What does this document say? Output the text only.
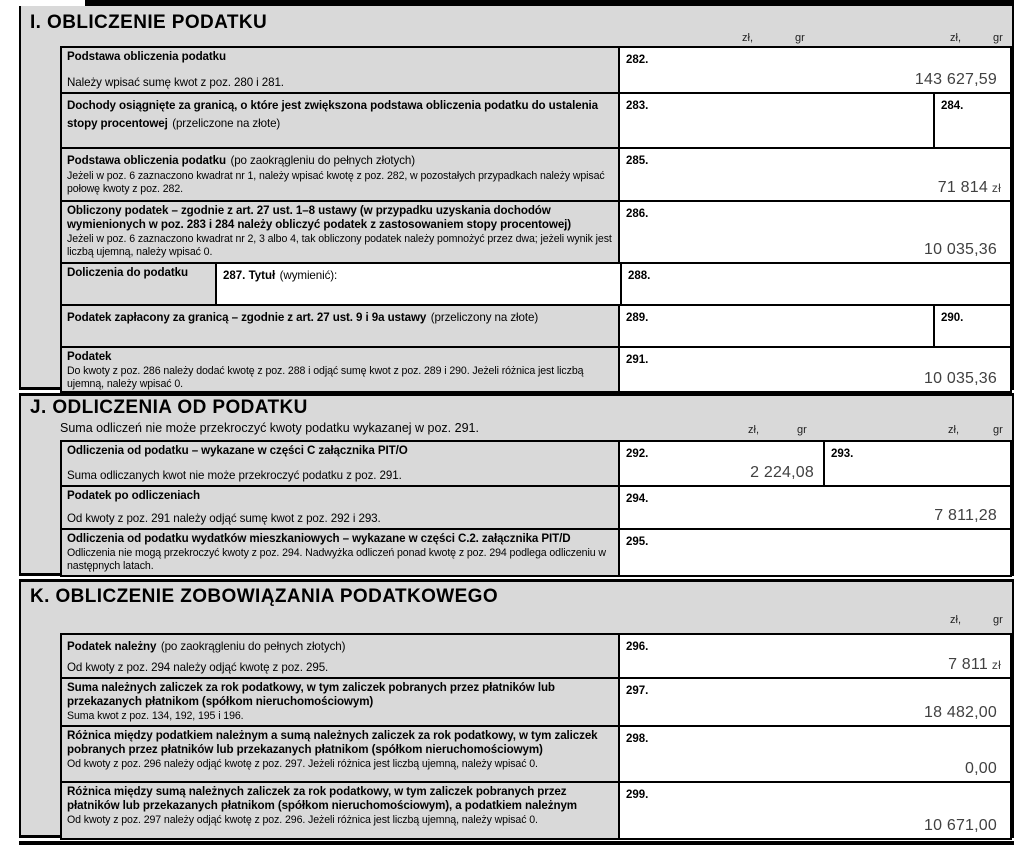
I. OBLICZENIE PODATKU
zł,	gr	zł,	gr
Podstawa obliczenia podatku
Należy wpisać sumę kwot z poz. 280 i 281.
282.
143 627,59
Dochody osiągnięte za granicą, o które jest zwiększona podstawa obliczenia podatku do ustalenia stopy procentowej (przeliczone na złote)
283.	284.
Podstawa obliczenia podatku (po zaokrągleniu do pełnych złotych)
Jeżeli w poz. 6 zaznaczono kwadrat nr 1, należy wpisać kwotę z poz. 282, w pozostałych przypadkach należy wpisać połowę kwoty z poz. 282.
285.
71 814 zł
Obliczony podatek – zgodnie z art. 27 ust. 1–8 ustawy (w przypadku uzyskania dochodów wymienionych w poz. 283 i 284 należy obliczyć podatek z zastosowaniem stopy procentowej)
Jeżeli w poz. 6 zaznaczono kwadrat nr 2, 3 albo 4, tak obliczony podatek należy pomnożyć przez dwa; jeżeli wynik jest liczbą ujemną, należy wpisać 0.
286.
10 035,36
Doliczenia do podatku	287. Tytuł (wymienić):	288.
Podatek zapłacony za granicą – zgodnie z art. 27 ust. 9 i 9a ustawy (przeliczony na złote)	289.	290.
Podatek
Do kwoty z poz. 286 należy dodać kwotę z poz. 288 i odjąć sumę kwot z poz. 289 i 290. Jeżeli różnica jest liczbą ujemną, należy wpisać 0.
291.
10 035,36
J. ODLICZENIA OD PODATKU
Suma odliczeń nie może przekroczyć kwoty podatku wykazanej w poz. 291.	zł,	gr	zł,	gr
Odliczenia od podatku – wykazane w części C załącznika PIT/O
Suma odliczanych kwot nie może przekroczyć podatku z poz. 291.
292.
2 224,08
293.
Podatek po odliczeniach
Od kwoty z poz. 291 należy odjąć sumę kwot z poz. 292 i 293.
294.
7 811,28
Odliczenia od podatku wydatków mieszkaniowych – wykazane w części C.2. załącznika PIT/D
Odliczenia nie mogą przekroczyć kwoty z poz. 294. Nadwyżka odliczeń ponad kwotę z poz. 294 podlega odliczeniu w następnych latach.
295.
K. OBLICZENIE ZOBOWIĄZANIA PODATKOWEGO
zł,	gr
Podatek należny (po zaokrągleniu do pełnych złotych)
Od kwoty z poz. 294 należy odjąć kwotę z poz. 295.
296.
7 811 zł
Suma należnych zaliczek za rok podatkowy, w tym zaliczek pobranych przez płatników lub przekazanych płatnikom (spółkom nieruchomościowym)
Suma kwot z poz. 134, 192, 195 i 196.
297.
18 482,00
Różnica między podatkiem należnym a sumą należnych zaliczek za rok podatkowy, w tym zaliczek pobranych przez płatników lub przekazanych płatnikom (spółkom nieruchomościowym)
Od kwoty z poz. 296 należy odjąć kwotę z poz. 297. Jeżeli różnica jest liczbą ujemną, należy wpisać 0.
298.
0,00
Różnica między sumą należnych zaliczek za rok podatkowy, w tym zaliczek pobranych przez płatników lub przekazanych płatnikom (spółkom nieruchomościowym), a podatkiem należnym
Od kwoty z poz. 297 należy odjąć kwotę z poz. 296. Jeżeli różnica jest liczbą ujemną, należy wpisać 0.
299.
10 671,00
